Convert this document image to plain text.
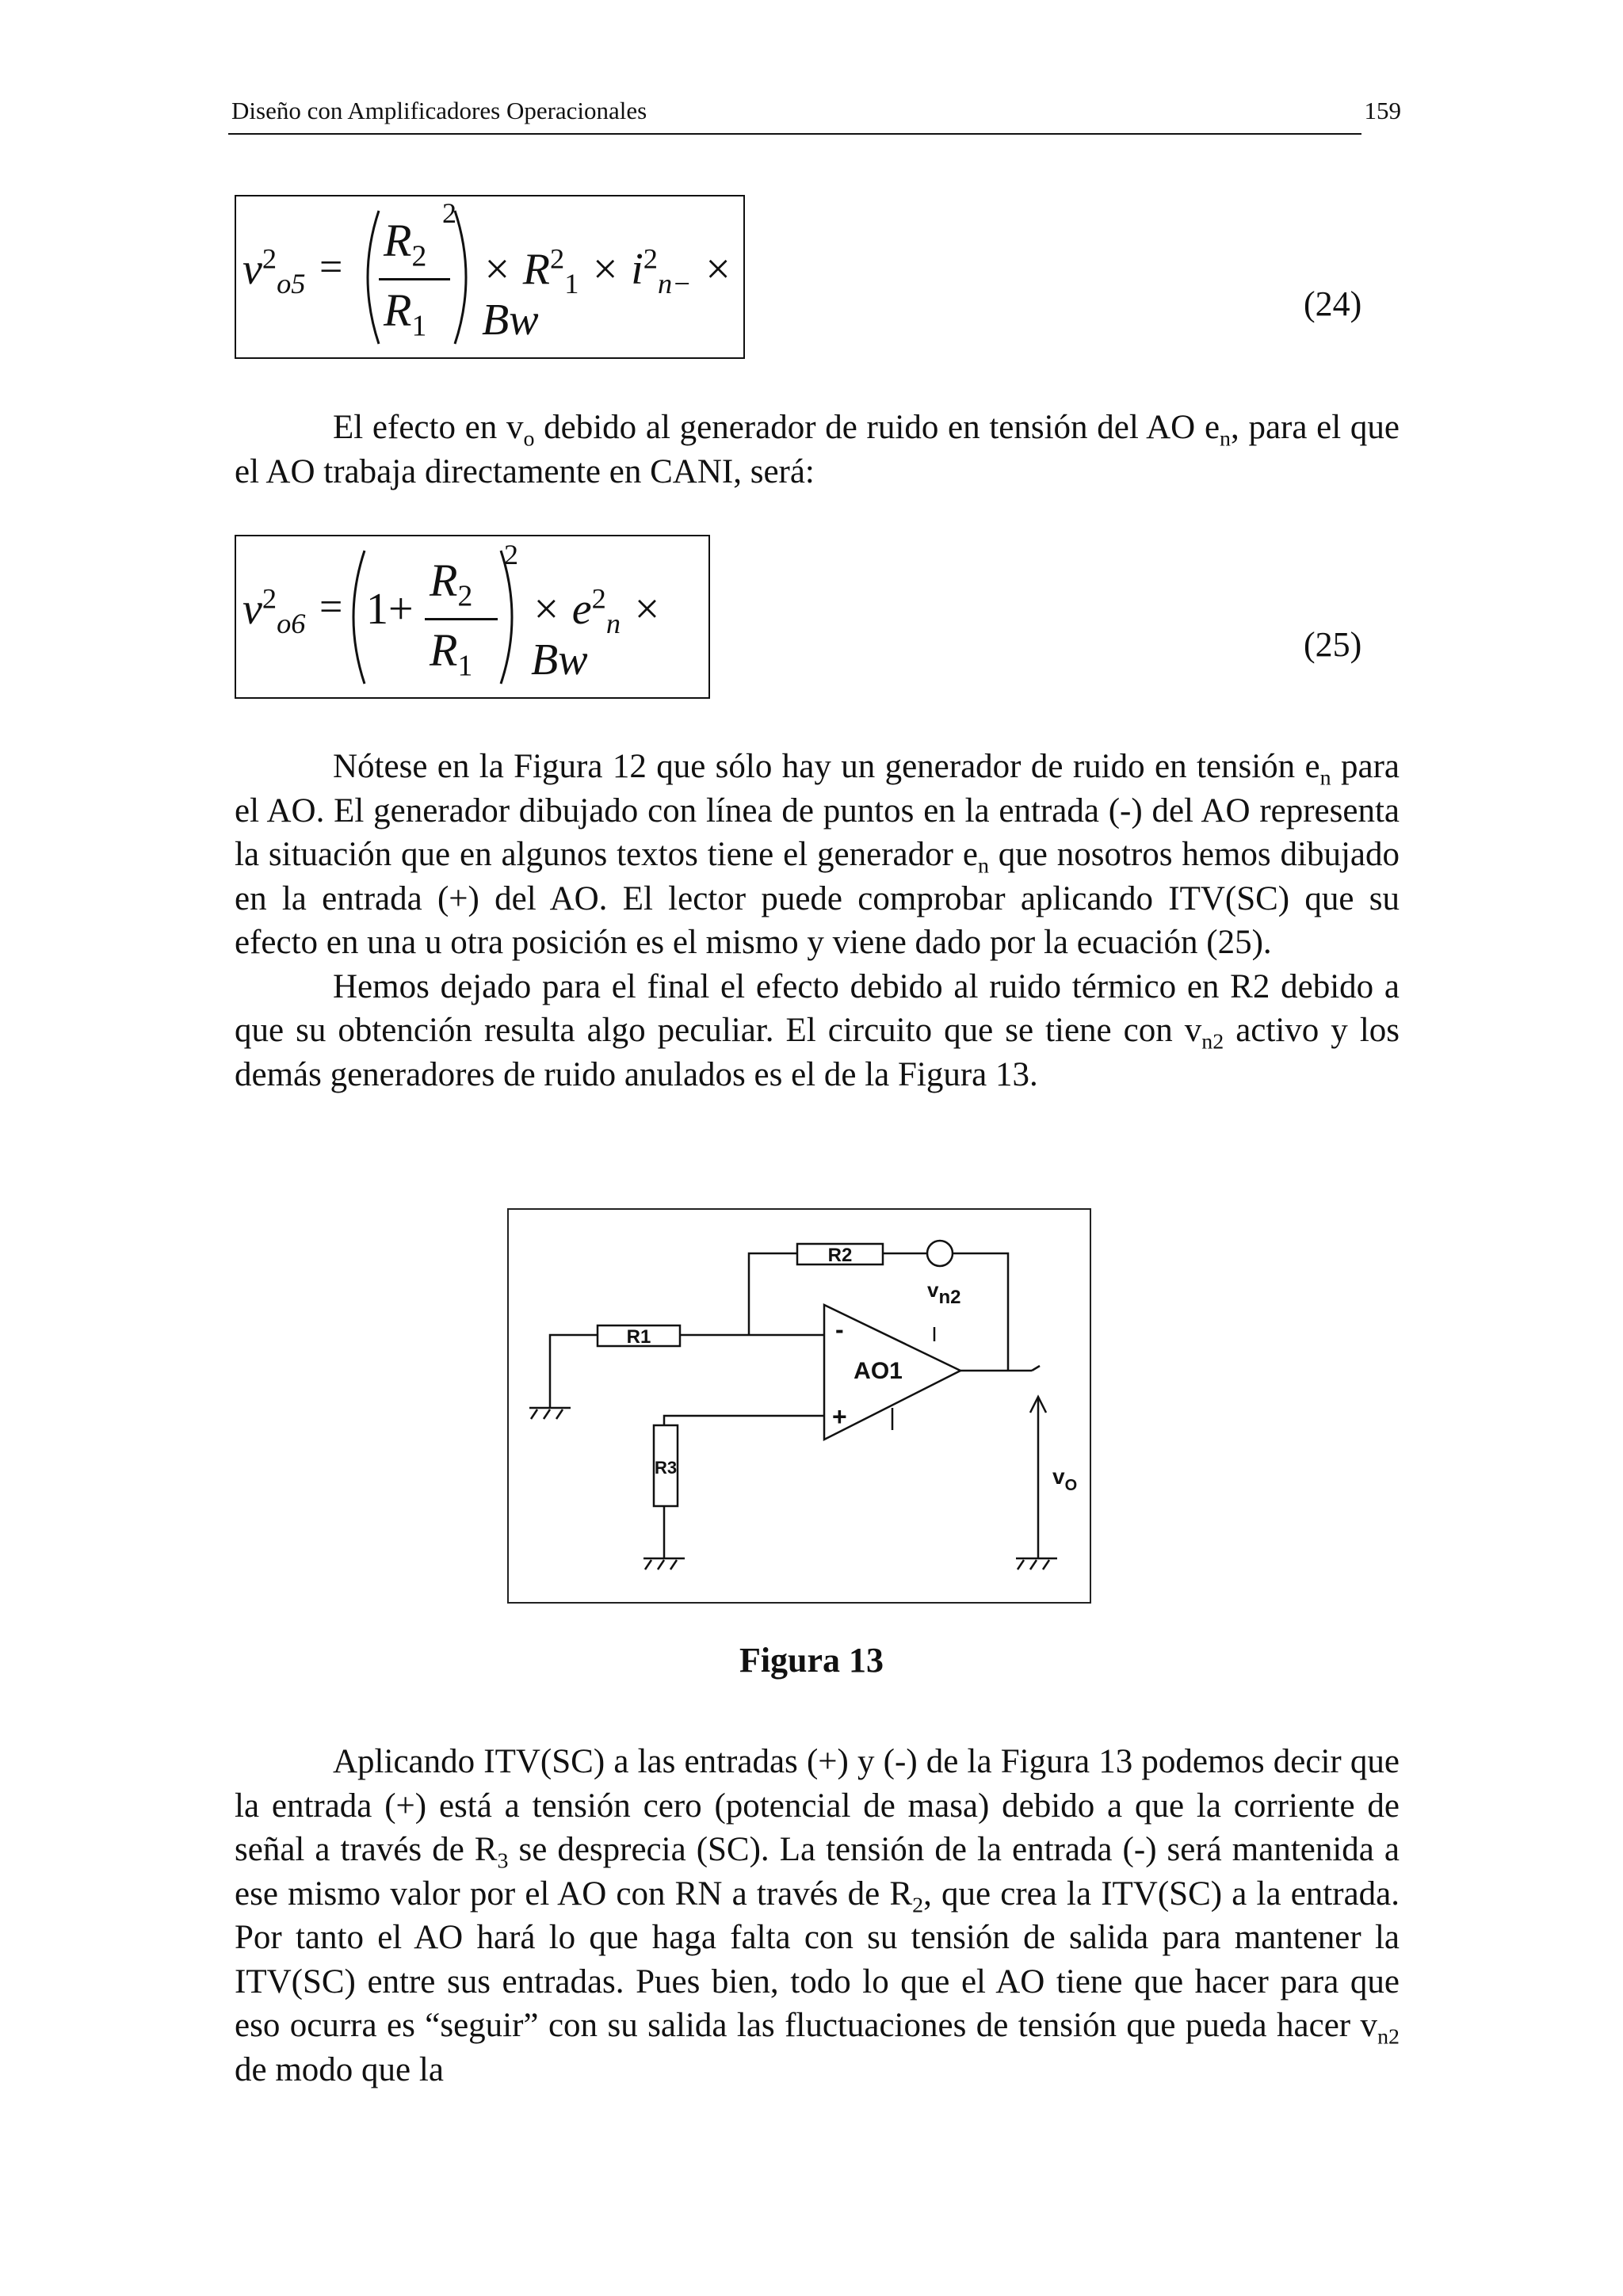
Diseño con Amplificadores Operacionales	159
$v^2_{o5}$ =
$R_2$
$R_1$
2
× $R^2_1 \times i^2_{n-} \times Bw$	(24)

El efecto en $v_o$ debido al generador de ruido en tensión del AO $e_n$, para el que el AO trabaja directamente en CANI, será:

$v^2_{o6} = 1+$
$R_2$
$R_1$
2
× $e^2_n \times Bw$	(25)

Nótese en la Figura 12 que sólo hay un generador de ruido en tensión $e_n$ para el AO. El generador dibujado con línea de puntos en la entrada (-) del AO representa la situación que en algunos textos tiene el generador $e_n$ que nosotros hemos dibujado en la entrada (+) del AO. El lector puede comprobar aplicando ITV(SC) que su efecto en una u otra posición es el mismo y viene dado por la ecuación (25).

Hemos dejado para el final el efecto debido al ruido térmico en R2 debido a que su obtención resulta algo peculiar. El circuito que se tiene con $v_{n2}$ activo y los demás generadores de ruido anulados es el de la Figura 13.

R1
R2
R3
AO1
-
+
vn2
$v_O$
Figura 13

Aplicando ITV(SC) a las entradas (+) y (-) de la Figura 13 podemos decir que la entrada (+) está a tensión cero (potencial de masa) debido a que la corriente de señal a través de $R_3$ se desprecia (SC). La tensión de la entrada (-) será mantenida a ese mismo valor por el AO con RN a través de $R_2$, que crea la ITV(SC) a la entrada. Por tanto el AO hará lo que haga falta con su tensión de salida para mantener la ITV(SC) entre sus entradas. Pues bien, todo lo que el AO tiene que hacer para que eso ocurra es “seguir” con su salida las fluctuaciones de tensión que pueda hacer $v_{n2}$ de modo que la
